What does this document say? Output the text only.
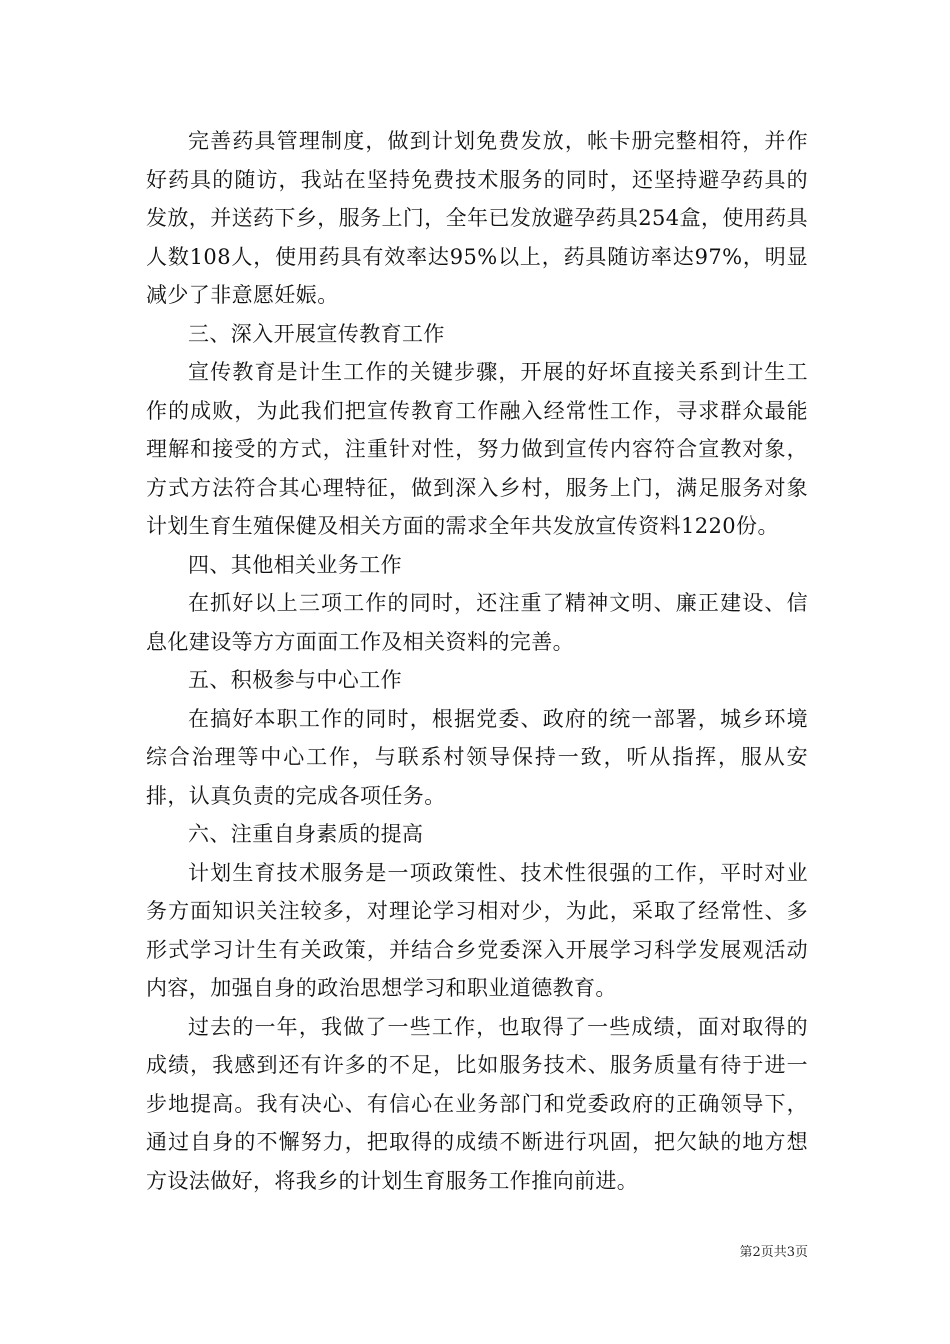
完善药具管理制度，做到计划免费发放，帐卡册完整相符，并作好药具的随访，我站在坚持免费技术服务的同时，还坚持避孕药具的发放，并送药下乡，服务上门，全年已发放避孕药具254盒，使用药具人数108人，使用药具有效率达95%以上，药具随访率达97%，明显减少了非意愿妊娠。

三、深入开展宣传教育工作

宣传教育是计生工作的关键步骤，开展的好坏直接关系到计生工作的成败，为此我们把宣传教育工作融入经常性工作，寻求群众最能理解和接受的方式，注重针对性，努力做到宣传内容符合宣教对象，方式方法符合其心理特征，做到深入乡村，服务上门，满足服务对象计划生育生殖保健及相关方面的需求全年共发放宣传资料1220份。

四、其他相关业务工作

在抓好以上三项工作的同时，还注重了精神文明、廉正建设、信息化建设等方方面面工作及相关资料的完善。

五、积极参与中心工作

在搞好本职工作的同时，根据党委、政府的统一部署，城乡环境综合治理等中心工作，与联系村领导保持一致，听从指挥，服从安排，认真负责的完成各项任务。

六、注重自身素质的提高

计划生育技术服务是一项政策性、技术性很强的工作，平时对业务方面知识关注较多，对理论学习相对少，为此，采取了经常性、多形式学习计生有关政策，并结合乡党委深入开展学习科学发展观活动内容，加强自身的政治思想学习和职业道德教育。

过去的一年，我做了一些工作，也取得了一些成绩，面对取得的成绩，我感到还有许多的不足，比如服务技术、服务质量有待于进一步地提高。我有决心、有信心在业务部门和党委政府的正确领导下，通过自身的不懈努力，把取得的成绩不断进行巩固，把欠缺的地方想方设法做好，将我乡的计划生育服务工作推向前进。

第2页共3页
